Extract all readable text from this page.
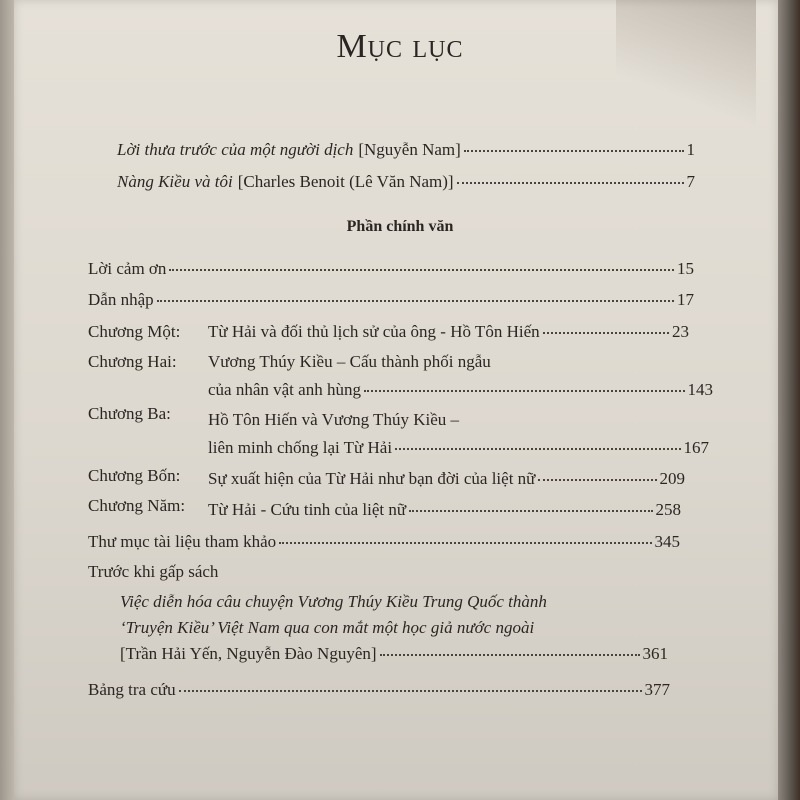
Mục lục
Lời thưa trước của một người dịch [Nguyễn Nam]	1
Nàng Kiều và tôi [Charles Benoit (Lê Văn Nam)]	7
Phần chính văn
Lời cảm ơn	15
Dẫn nhập	17
Chương Một: Từ Hải và đối thủ lịch sử của ông - Hồ Tôn Hiến	23
Chương Hai: Vương Thúy Kiều – Cấu thành phối ngẫu
của nhân vật anh hùng	143
Chương Ba: Hồ Tôn Hiến và Vương Thúy Kiều –
liên minh chống lại Từ Hải	167
Chương Bốn: Sự xuất hiện của Từ Hải như bạn đời của liệt nữ	209
Chương Năm: Từ Hải - Cứu tinh của liệt nữ	258
Thư mục tài liệu tham khảo	345
Trước khi gấp sách
Việc diễn hóa câu chuyện Vương Thúy Kiều Trung Quốc thành
‘Truyện Kiều’ Việt Nam qua con mắt một học giả nước ngoài
[Trần Hải Yến, Nguyễn Đào Nguyên]	361
Bảng tra cứu	377
